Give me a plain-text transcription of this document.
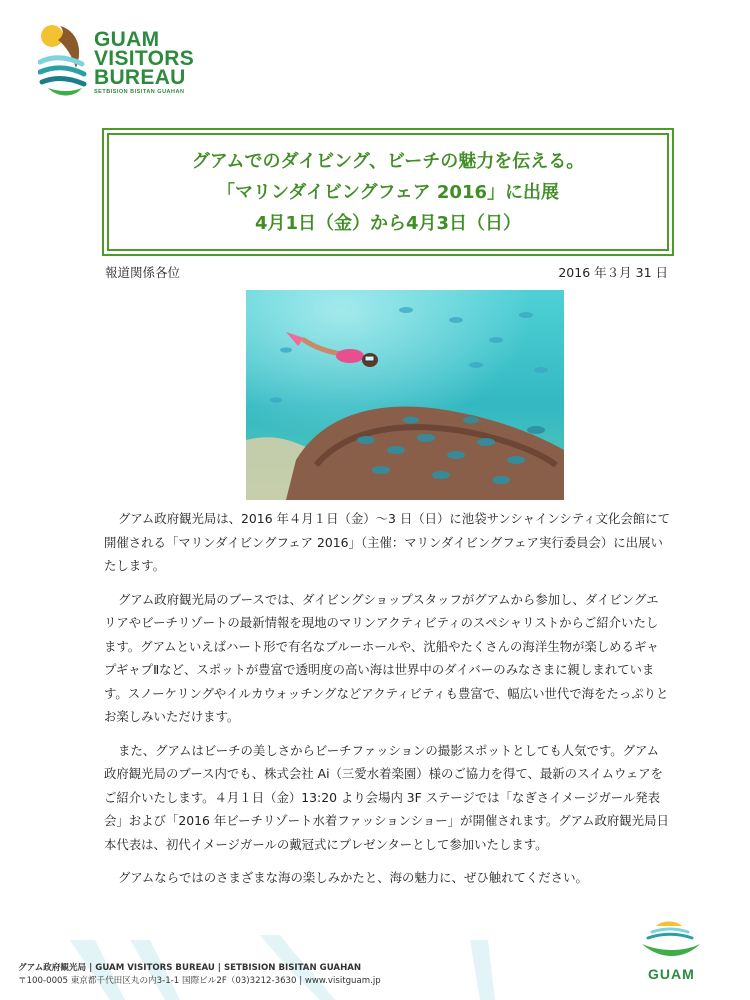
GUAM
VISITORS
BUREAU
SETBISION BISITAN GUAHAN
グアムでのダイビング、ビーチの魅力を伝える。
「マリンダイビングフェア 2016」に出展
4月1日（金）から4月3日（日）
報道関係各位	2016 年３月 31 日

グアム政府観光局は、2016 年４月１日（金）～3 日（日）に池袋サンシャインシティ文化会館にて開催される「マリンダイビングフェア 2016」（主催：マリンダイビングフェア実行委員会）に出展いたします。

グアム政府観光局のブースでは、ダイビングショップスタッフがグアムから参加し、ダイビングエリアやビーチリゾートの最新情報を現地のマリンアクティビティのスペシャリストからご紹介いたします。グアムといえばハート形で有名なブルーホールや、沈船やたくさんの海洋生物が楽しめるギャプギャプⅡなど、スポットが豊富で透明度の高い海は世界中のダイバーのみなさまに親しまれています。スノーケリングやイルカウォッチングなどアクティビティも豊富で、幅広い世代で海をたっぷりとお楽しみいただけます。

また、グアムはビーチの美しさからビーチファッションの撮影スポットとしても人気です。グアム政府観光局のブース内でも、株式会社 Ai（三愛水着楽園）様のご協力を得て、最新のスイムウェアをご紹介いたします。４月１日（金）13:20 より会場内 3F ステージでは「なぎさイメージガール発表会」および「2016 年ビーチリゾート水着ファッションショー」が開催されます。グアム政府観光局日本代表は、初代イメージガールの戴冠式にプレゼンターとして参加いたします。

グアムならではのさまざまな海の楽しみかたと、海の魅力に、ぜひ触れてください。

グアム政府観光局 | GUAM VISITORS BUREAU | SETBISION BISITAN GUAHAN
〒100-0005 東京都千代田区丸の内3-1-1 国際ビル2F（03)3212-3630 | www.visitguam.jp	GUAM
